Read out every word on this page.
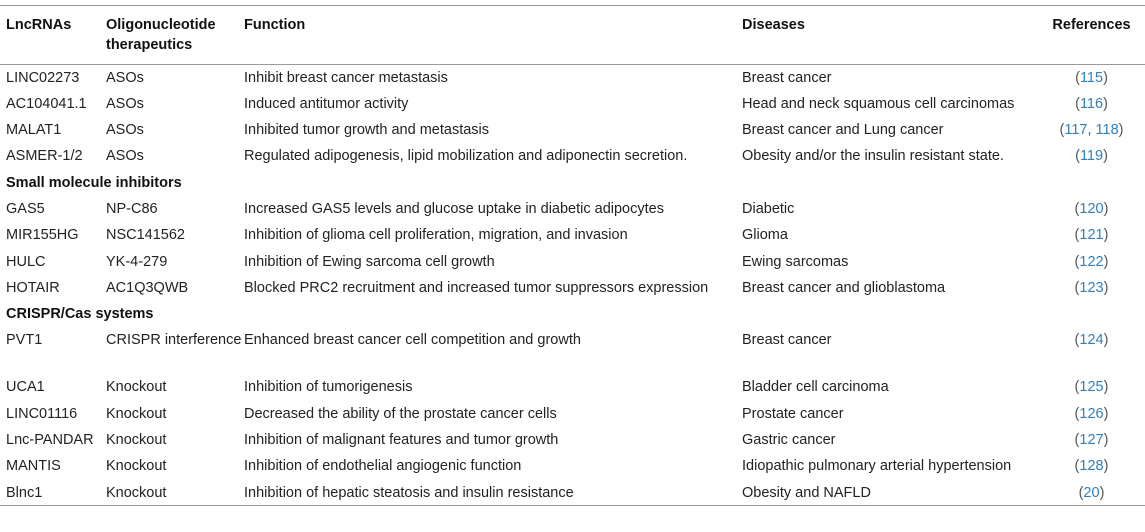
LncRNAs	Oligonucleotide therapeutics	Function	Diseases	References
LINC02273	ASOs	Inhibit breast cancer metastasis	Breast cancer	(115)
AC104041.1	ASOs	Induced antitumor activity	Head and neck squamous cell carcinomas	(116)
MALAT1	ASOs	Inhibited tumor growth and metastasis	Breast cancer and Lung cancer	(117, 118)
ASMER-1/2	ASOs	Regulated adipogenesis, lipid mobilization and adiponectin secretion.	Obesity and/or the insulin resistant state.	(119)
Small molecule inhibitors				
GAS5	NP-C86	Increased GAS5 levels and glucose uptake in diabetic adipocytes	Diabetic	(120)
MIR155HG	NSC141562	Inhibition of glioma cell proliferation, migration, and invasion	Glioma	(121)
HULC	YK-4-279	Inhibition of Ewing sarcoma cell growth	Ewing sarcomas	(122)
HOTAIR	AC1Q3QWB	Blocked PRC2 recruitment and increased tumor suppressors expression	Breast cancer and glioblastoma	(123)
CRISPR/Cas systems				
PVT1	CRISPR interference	Enhanced breast cancer cell competition and growth	Breast cancer	(124)
UCA1	Knockout	Inhibition of tumorigenesis	Bladder cell carcinoma	(125)
LINC01116	Knockout	Decreased the ability of the prostate cancer cells	Prostate cancer	(126)
Lnc-PANDAR	Knockout	Inhibition of malignant features and tumor growth	Gastric cancer	(127)
MANTIS	Knockout	Inhibition of endothelial angiogenic function	Idiopathic pulmonary arterial hypertension	(128)
Blnc1	Knockout	Inhibition of hepatic steatosis and insulin resistance	Obesity and NAFLD	(20)
